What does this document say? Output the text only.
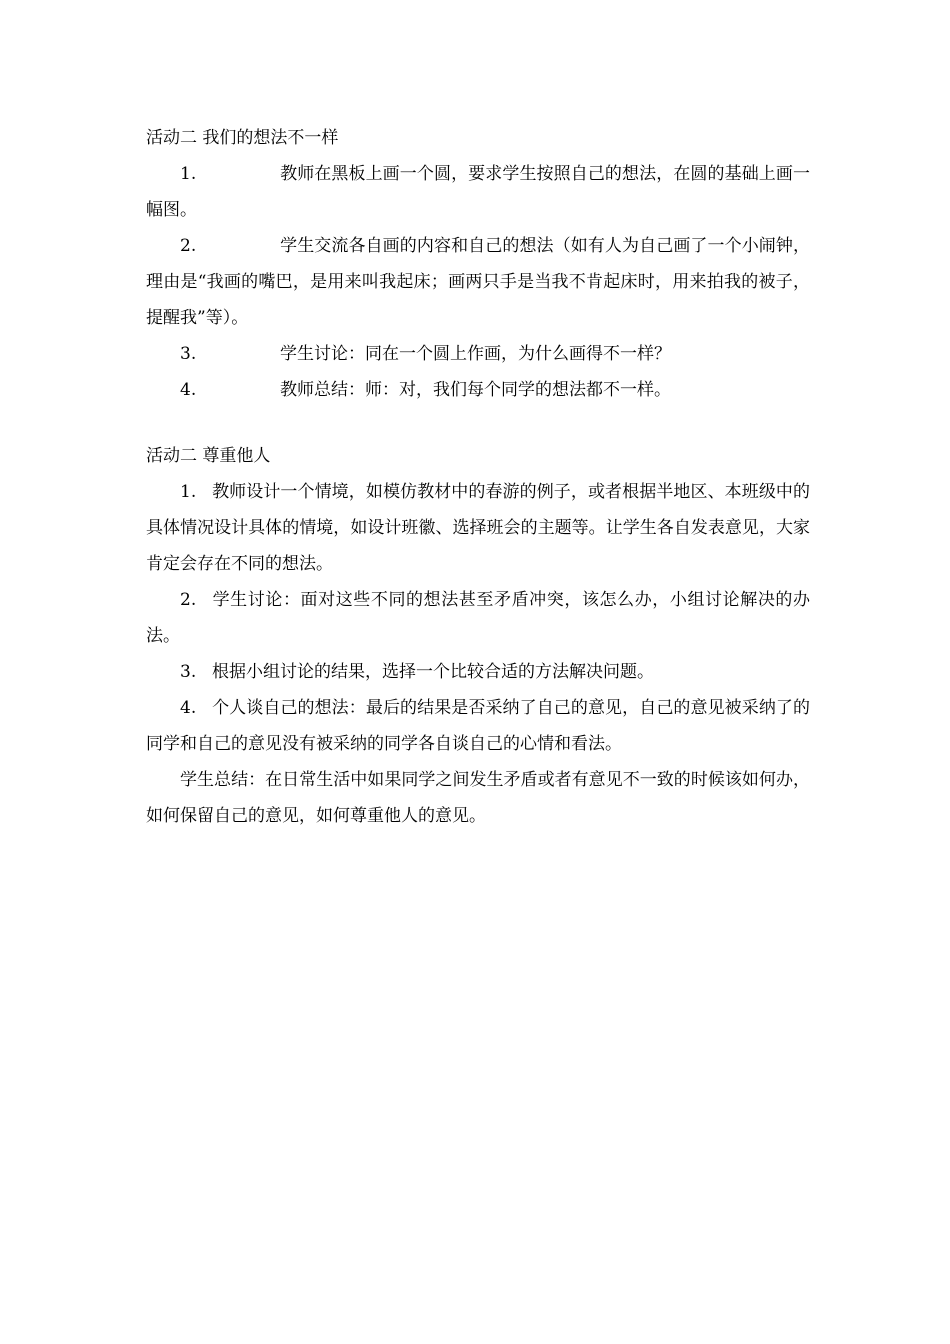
活动二 我们的想法不一样

1.	教师在黑板上画一个圆，要求学生按照自己的想法，在圆的基础上画一幅图。

2.	学生交流各自画的内容和自己的想法（如有人为自己画了一个小闹钟，理由是“我画的嘴巴，是用来叫我起床；画两只手是当我不肯起床时，用来拍我的被子，提醒我”等）。

3.	学生讨论：同在一个圆上作画，为什么画得不一样？

4.	教师总结：师：对，我们每个同学的想法都不一样。

活动二 尊重他人

1. 教师设计一个情境，如模仿教材中的春游的例子，或者根据半地区、本班级中的具体情况设计具体的情境，如设计班徽、选择班会的主题等。让学生各自发表意见，大家肯定会存在不同的想法。

2. 学生讨论：面对这些不同的想法甚至矛盾冲突，该怎么办，小组讨论解决的办法。

3. 根据小组讨论的结果，选择一个比较合适的方法解决问题。

4. 个人谈自己的想法：最后的结果是否采纳了自己的意见，自己的意见被采纳了的同学和自己的意见没有被采纳的同学各自谈自己的心情和看法。

学生总结：在日常生活中如果同学之间发生矛盾或者有意见不一致的时候该如何办，如何保留自己的意见，如何尊重他人的意见。
